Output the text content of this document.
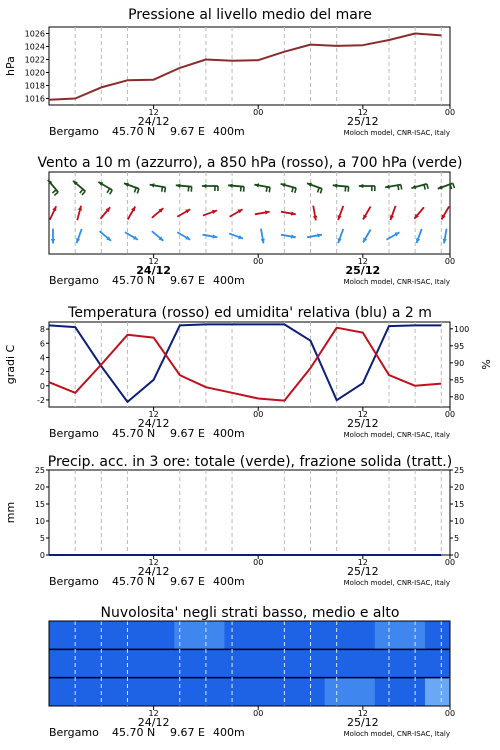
Pressione al livello medio del mare
1016
1018
1020
1022
1024
1026
hPa
12	00	12	00
24/12	25/12
Bergamo 45.70 N 9.67 E 400m	Moloch model, CNR-ISAC, Italy
Vento a 10 m (azzurro), a 850 hPa (rosso), a 700 hPa (verde)
12	00	12	00
24/12	25/12
Bergamo 45.70 N 9.67 E 400m	Moloch model, CNR-ISAC, Italy
Temperatura (rosso) ed umidita' relativa (blu) a 2 m
-2
0
2
4
6
8
gradi C
80
85
90
95
100
%
12	00	12	00
24/12	25/12
Bergamo 45.70 N 9.67 E 400m	Moloch model, CNR-ISAC, Italy
Precip. acc. in 3 ore: totale (verde), frazione solida (tratt.)
0
5
10
15
20
25
mm
0
5
10
15
20
25
12	00	12	00
24/12	25/12
Bergamo 45.70 N 9.67 E 400m	Moloch model, CNR-ISAC, Italy
Nuvolosita' negli strati basso, medio e alto
12	00	12	00
24/12	25/12
Bergamo 45.70 N 9.67 E 400m	Moloch model, CNR-ISAC, Italy
